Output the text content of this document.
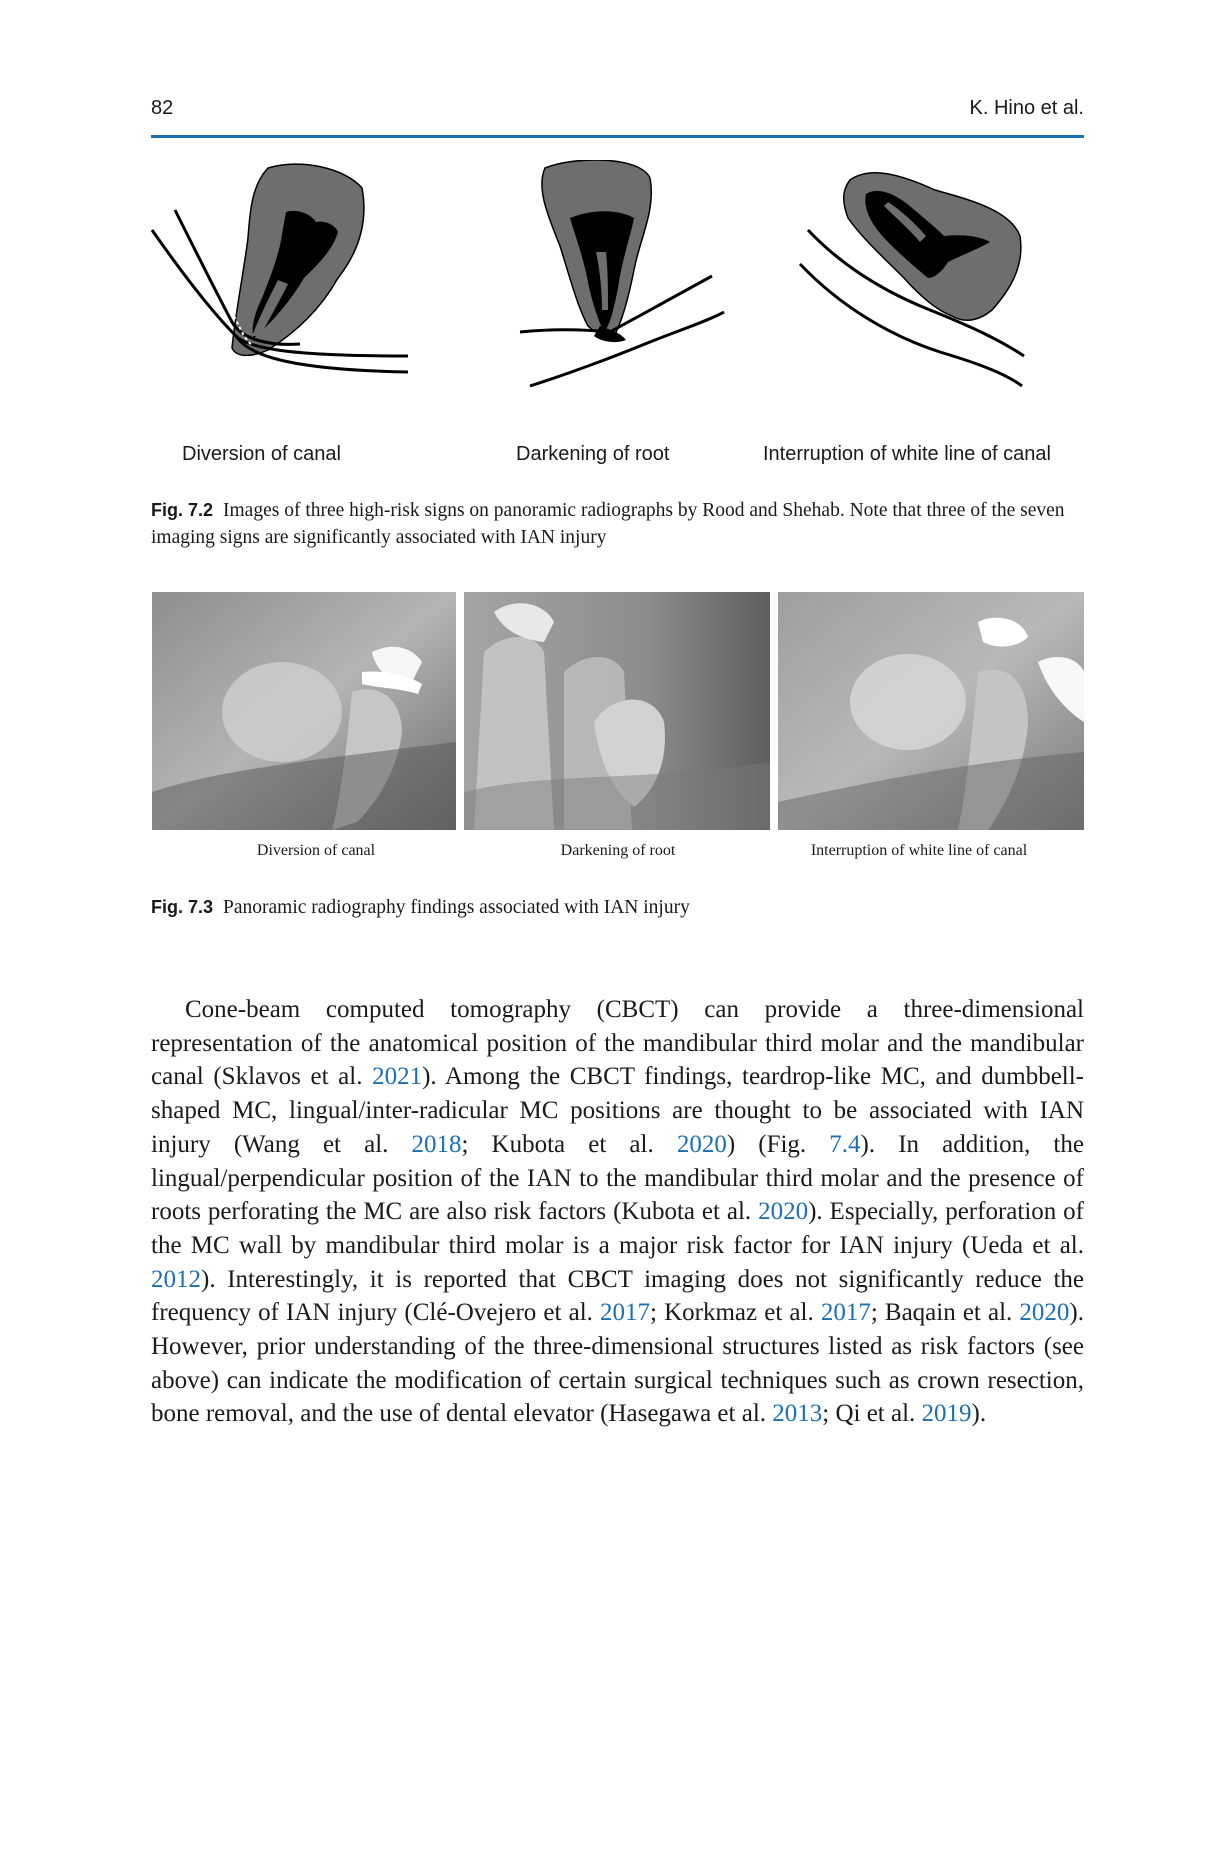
82	K. Hino et al.
Diversion of canal	Darkening of root	Interruption of white line of canal
Fig. 7.2 Images of three high-risk signs on panoramic radiographs by Rood and Shehab. Note that three of the seven imaging signs are significantly associated with IAN injury
Diversion of canal	Darkening of root	Interruption of white line of canal
Fig. 7.3 Panoramic radiography findings associated with IAN injury

Cone-beam computed tomography (CBCT) can provide a three-dimensional representation of the anatomical position of the mandibular third molar and the mandibular canal (Sklavos et al. 2021). Among the CBCT findings, teardrop-like MC, and dumbbell-shaped MC, lingual/inter-radicular MC positions are thought to be associated with IAN injury (Wang et al. 2018; Kubota et al. 2020) (Fig. 7.4). In addition, the lingual/perpendicular position of the IAN to the mandibular third molar and the presence of roots perforating the MC are also risk factors (Kubota et al. 2020). Especially, perforation of the MC wall by mandibular third molar is a major risk factor for IAN injury (Ueda et al. 2012). Interestingly, it is reported that CBCT imaging does not significantly reduce the frequency of IAN injury (Clé-Ovejero et al. 2017; Korkmaz et al. 2017; Baqain et al. 2020). However, prior understanding of the three-dimensional structures listed as risk factors (see above) can indicate the modification of certain surgical techniques such as crown resection, bone removal, and the use of dental elevator (Hasegawa et al. 2013; Qi et al. 2019).
